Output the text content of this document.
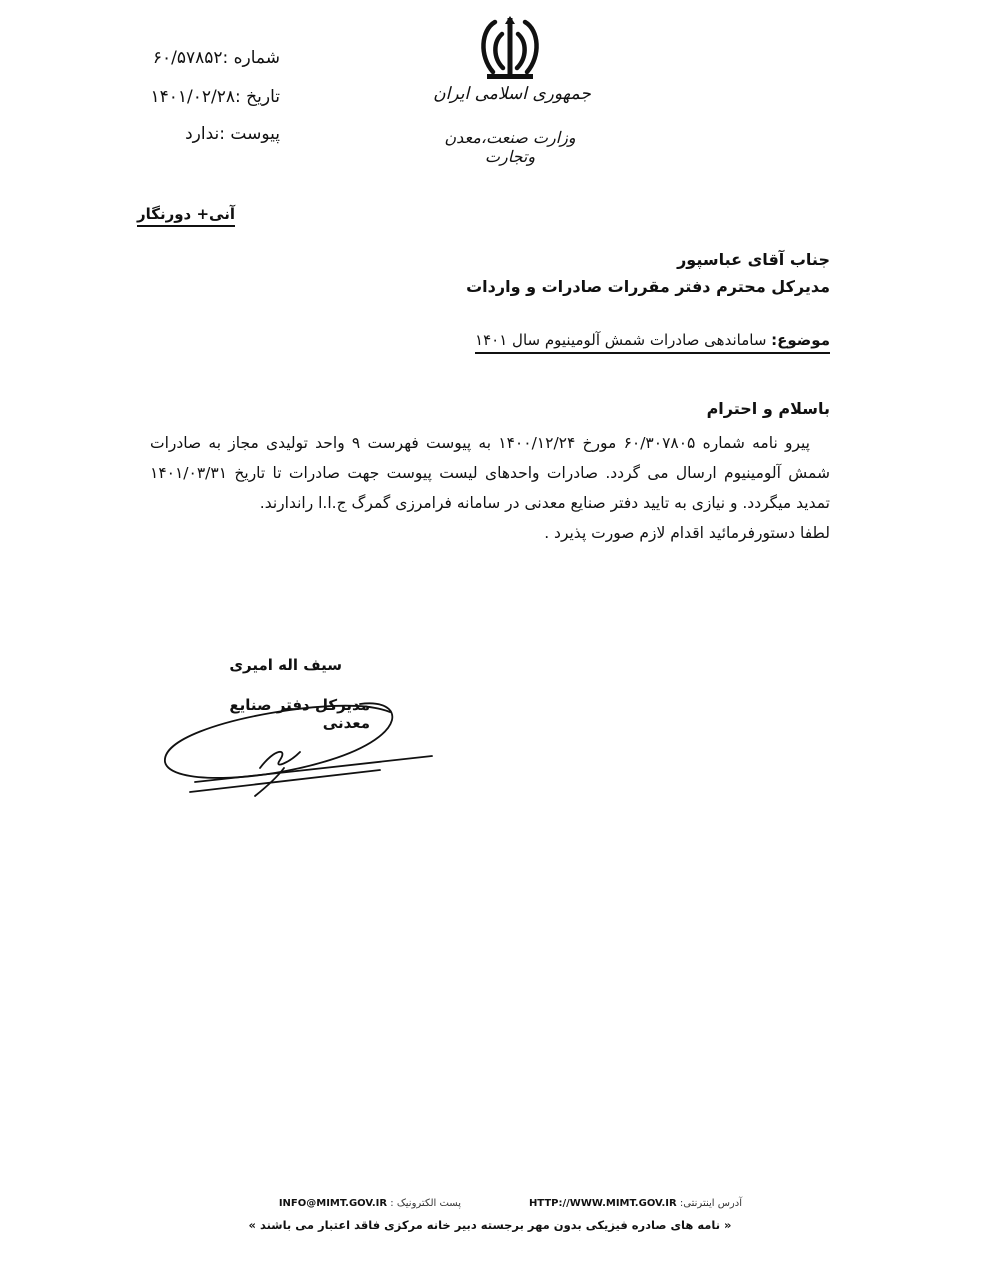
شماره :۶۰/۵۷۸۵۲
تاریخ :۱۴۰۱/۰۲/۲۸
پیوست :ندارد
جمهوری اسلامی ایران
وزارت صنعت،معدن وتجارت
آنی+ دورنگار
جناب آقای عباسپور
مدیرکل محترم دفتر مقررات صادرات و واردات
موضوع: ساماندهی صادرات شمش آلومینیوم سال ۱۴۰۱
باسلام و احترام

پیرو نامه شماره ۶۰/۳۰۷۸۰۵ مورخ ۱۴۰۰/۱۲/۲۴ به پیوست فهرست ۹ واحد تولیدی مجاز به صادرات شمش آلومینیوم ارسال می گردد. صادرات واحدهای لیست پیوست جهت صادرات تا تاریخ ۱۴۰۱/۰۳/۳۱ تمدید میگردد. و نیازی به تایید دفتر صنایع معدنی در سامانه فرامرزی گمرگ ج.ا.ا راندارند.

لطفا دستورفرمائید اقدام لازم صورت پذیرد .

سیف اله امیری
مدیرکل دفتر صنایع معدنی
آدرس اینترنتی: HTTP://WWW.MIMT.GOV.IR
پست الکترونیک : INFO@MIMT.GOV.IR
« نامه های صادره فیزیکی بدون مهر برجسته دبیر خانه مرکزی فاقد اعتبار می باشند »
